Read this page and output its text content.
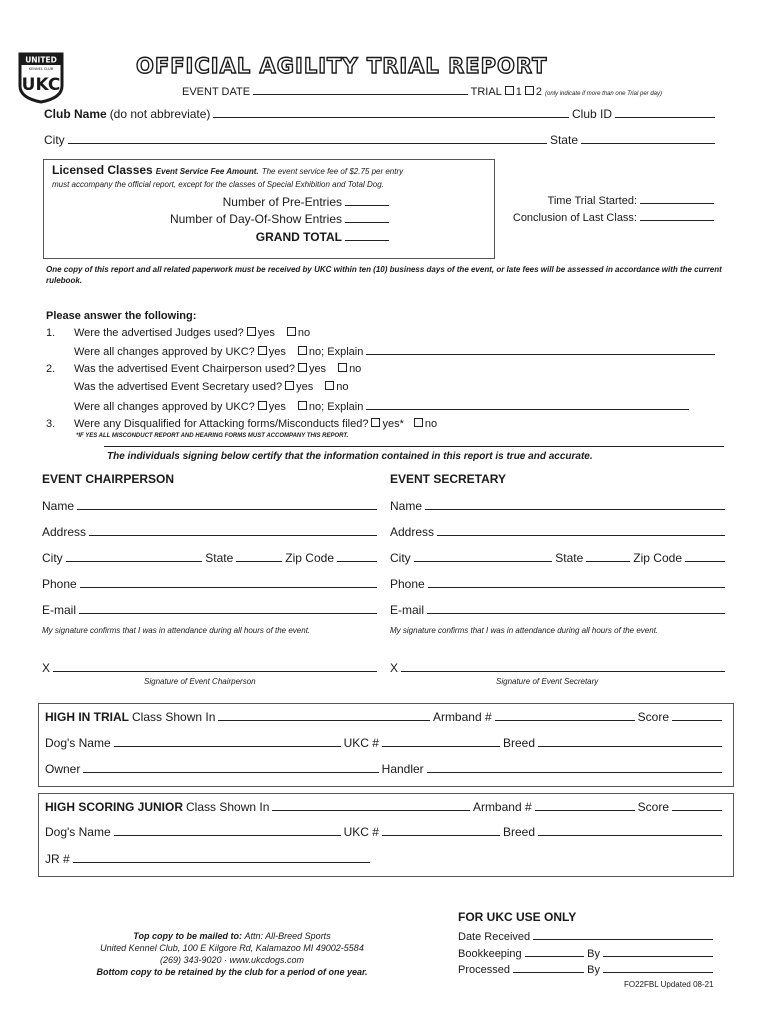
UNITED
KENNEL CLUB
UKC
OFFICIAL AGILITY TRIAL REPORT
EVENT DATE	TRIAL 1 2 (only indicate if more than one Trial per day)
Club Name (do not abbreviate)	Club ID
City	State
Licensed Classes Event Service Fee Amount. The event service fee of $2.75 per entry
must accompany the official report, except for the classes of Special Exhibition and Total Dog.
Number of Pre-Entries
Number of Day-Of-Show Entries
GRAND TOTAL
Time Trial Started:
Conclusion of Last Class:
One copy of this report and all related paperwork must be received by UKC within ten (10) business days of the event, or late fees will be assessed in accordance with the current rulebook.
Please answer the following:
1. Were the advertised Judges used? yes no
Were all changes approved by UKC? yes no; Explain
2. Was the advertised Event Chairperson used? yes no
Was the advertised Event Secretary used? yes no
Were all changes approved by UKC? yes no; Explain
3. Were any Disqualified for Attacking forms/Misconducts filed? yes* no
*IF YES ALL MISCONDUCT REPORT AND HEARING FORMS MUST ACCOMPANY THIS REPORT.
The individuals signing below certify that the information contained in this report is true and accurate.
EVENT CHAIRPERSON
Name
Address
City	State	Zip Code
Phone
E-mail
My signature confirms that I was in attendance during all hours of the event.
X
Signature of Event Chairperson
EVENT SECRETARY
Name
Address
City	State	Zip Code
Phone
E-mail
My signature confirms that I was in attendance during all hours of the event.
X
Signature of Event Secretary
HIGH IN TRIAL Class Shown In	Armband #	Score
Dog's Name	UKC #	Breed
Owner	Handler
HIGH SCORING JUNIOR Class Shown In	Armband #	Score
Dog's Name	UKC #	Breed
JR #
Top copy to be mailed to: Attn: All-Breed Sports
United Kennel Club, 100 E Kilgore Rd, Kalamazoo MI 49002-5584
(269) 343-9020 · www.ukcdogs.com
Bottom copy to be retained by the club for a period of one year.
FOR UKC USE ONLY
Date Received
Bookkeeping	By
Processed	By
FO22FBL Updated 08-21
